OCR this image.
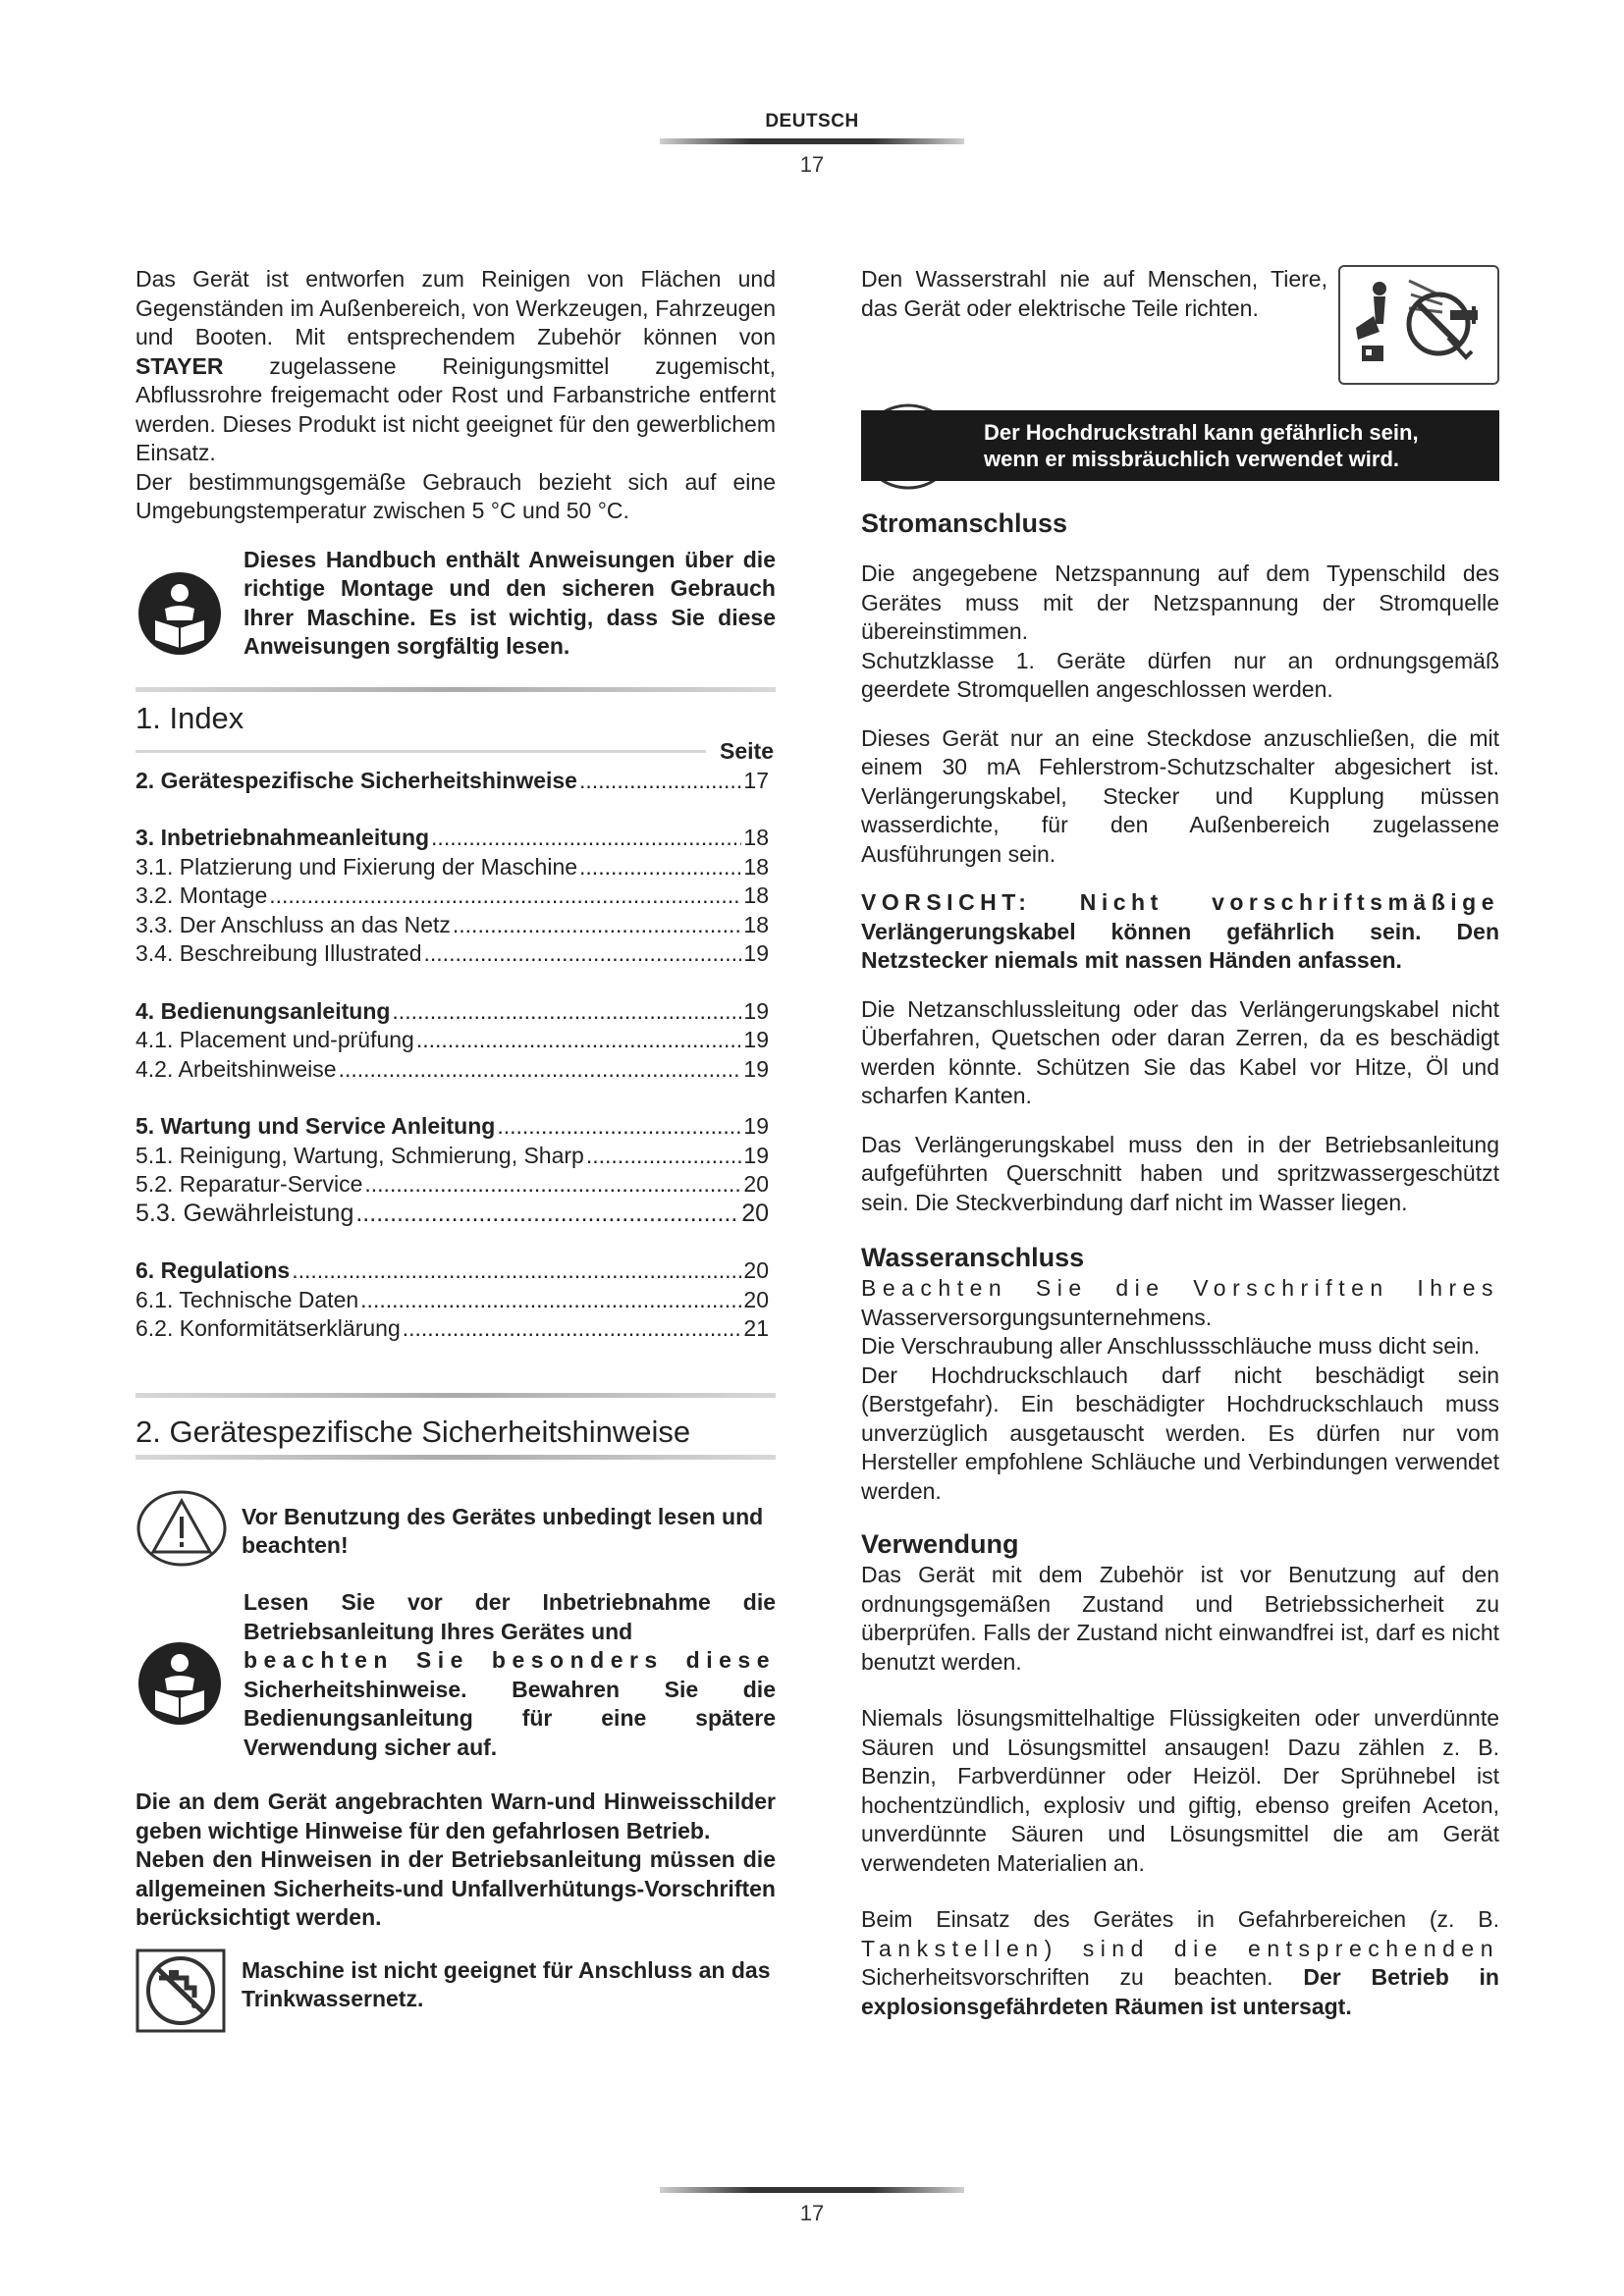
DEUTSCH
17

Das Gerät ist entworfen zum Reinigen von Flächen und Gegenständen im Außenbereich, von Werkzeugen, Fahrzeugen und Booten. Mit entsprechendem Zubehör können von STAYER zugelassene Reinigungsmittel zugemischt, Abflussrohre freigemacht oder Rost und Farbanstriche entfernt werden. Dieses Produkt ist nicht geeignet für den gewerblichem Einsatz.

Der bestimmungsgemäße Gebrauch bezieht sich auf eine Umgebungstemperatur zwischen 5 °C und 50 °C.

Dieses Handbuch enthält Anweisungen über die richtige Montage und den sicheren Gebrauch Ihrer Maschine. Es ist wichtig, dass Sie diese Anweisungen sorgfältig lesen.
1. Index
Seite
2. Gerätespezifische Sicherheitshinweise .....	17
3. Inbetriebnahmeanleitung .....	18
3.1. Platzierung und Fixierung der Maschine .....	18
3.2. Montage .....	18
3.3. Der Anschluss an das Netz .....	18
3.4. Beschreibung Illustrated .....	19
4. Bedienungsanleitung .....	19
4.1. Placement und-prüfung .....	19
4.2. Arbeitshinweise .....	19
5. Wartung und Service Anleitung .....	19
5.1. Reinigung, Wartung, Schmierung, Sharp .....	19
5.2. Reparatur-Service .....	20
5.3. Gewährleistung .....	20
6. Regulations .....	20
6.1. Technische Daten .....	20
6.2. Konformitätserklärung .....	21
2. Gerätespezifische Sicherheitshinweise
Vor Benutzung des Gerätes unbedingt lesen und beachten!
Lesen Sie vor der Inbetriebnahme die Betriebsanleitung Ihres Gerätes und
beachten Sie besonders diese
Sicherheitshinweise. Bewahren Sie die Bedienungsanleitung für eine spätere Verwendung sicher auf.

Die an dem Gerät angebrachten Warn-und Hinweisschilder geben wichtige Hinweise für den gefahrlosen Betrieb.

Neben den Hinweisen in der Betriebsanleitung müssen die allgemeinen Sicherheits-und Unfallverhütungs-Vorschriften berücksichtigt werden.

Maschine ist nicht geeignet für Anschluss an das Trinkwassernetz.

Den Wasserstrahl nie auf Menschen, Tiere, das Gerät oder elektrische Teile richten.

Der Hochdruckstrahl kann gefährlich sein,
wenn er missbräuchlich verwendet wird.
Stromanschluss

Die angegebene Netzspannung auf dem Typenschild des Gerätes muss mit der Netzspannung der Stromquelle übereinstimmen.

Schutzklasse 1. Geräte dürfen nur an ordnungsgemäß geerdete Stromquellen angeschlossen werden.

Dieses Gerät nur an eine Steckdose anzuschließen, die mit einem 30 mA Fehlerstrom-Schutzschalter abgesichert ist. Verlängerungskabel, Stecker und Kupplung müssen wasserdichte, für den Außenbereich zugelassene Ausführungen sein.

VORSICHT: Nicht vorschriftsmäßige

Verlängerungskabel können gefährlich sein. Den Netzstecker niemals mit nassen Händen anfassen.

Die Netzanschlussleitung oder das Verlängerungskabel nicht Überfahren, Quetschen oder daran Zerren, da es beschädigt werden könnte. Schützen Sie das Kabel vor Hitze, Öl und scharfen Kanten.

Das Verlängerungskabel muss den in der Betriebsanleitung aufgeführten Querschnitt haben und spritzwassergeschützt sein. Die Steckverbindung darf nicht im Wasser liegen.

Wasseranschluss

Beachten Sie die Vorschriften Ihres

Wasserversorgungsunternehmens.

Die Verschraubung aller Anschlussschläuche muss dicht sein.

Der Hochdruckschlauch darf nicht beschädigt sein (Berstgefahr). Ein beschädigter Hochdruckschlauch muss unverzüglich ausgetauscht werden. Es dürfen nur vom Hersteller empfohlene Schläuche und Verbindungen verwendet werden.

Verwendung

Das Gerät mit dem Zubehör ist vor Benutzung auf den ordnungsgemäßen Zustand und Betriebssicherheit zu überprüfen. Falls der Zustand nicht einwandfrei ist, darf es nicht benutzt werden.

Niemals lösungsmittelhaltige Flüssigkeiten oder unverdünnte Säuren und Lösungsmittel ansaugen! Dazu zählen z. B. Benzin, Farbverdünner oder Heizöl. Der Sprühnebel ist hochentzündlich, explosiv und giftig, ebenso greifen Aceton, unverdünnte Säuren und Lösungsmittel die am Gerät verwendeten Materialien an.

Beim Einsatz des Gerätes in Gefahrbereichen (z. B.

Tankstellen) sind die entsprechenden

Sicherheitsvorschriften zu beachten. Der Betrieb in explosionsgefährdeten Räumen ist untersagt.

17
